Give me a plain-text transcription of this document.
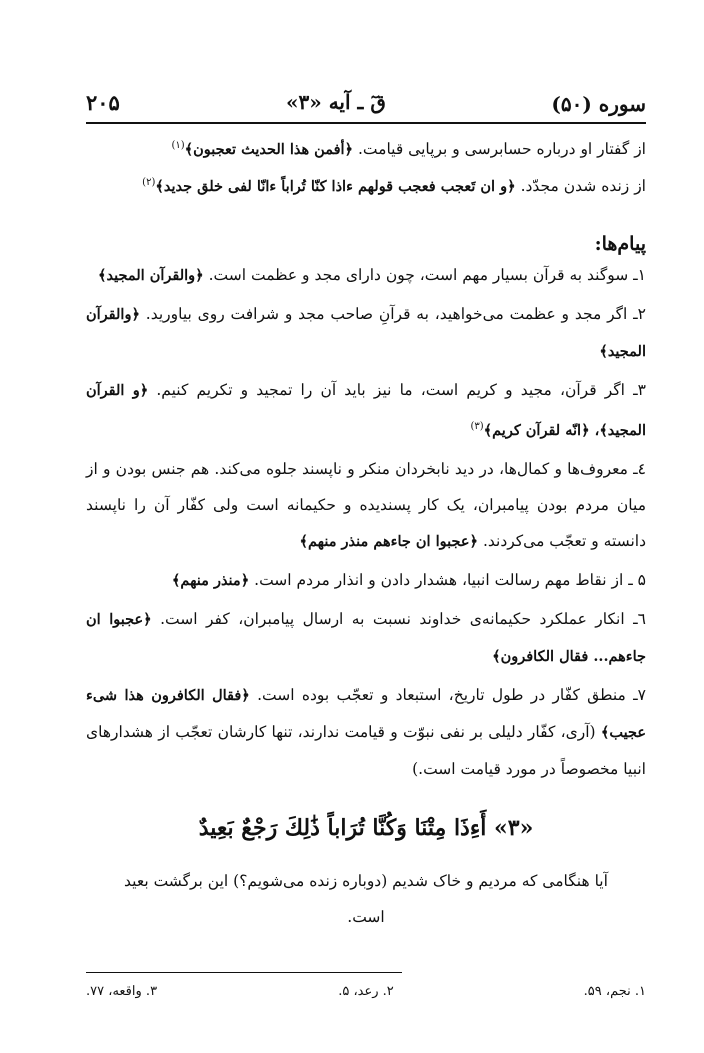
سوره (۵۰)
قٓ ـ آیه «۳»
۲۰۵

از گفتار او درباره حسابرسی و برپایی قیامت. ﴿أفمن هذا الحديث تعجبون﴾$^{(۱)}$

از زنده شدن مجدّد. ﴿و ان تَعجب فعجب قولهم ءاذا كنّا تُراباً ءانّا لفى خلق جديد﴾$^{(۲)}$

پیام‌ها:

۱ـ سوگند به قرآن بسیار مهم است، چون دارای مجد و عظمت است. ﴿والقرآن المجید﴾

۲ـ اگر مجد و عظمت می‌خواهید، به قرآنِ صاحب مجد و شرافت روی بیاورید. ﴿والقرآن المجید﴾

۳ـ اگر قرآن، مجید و کریم است، ما نیز باید آن را تمجید و تکریم کنیم. ﴿و القرآن المجید﴾، ﴿انّه لقرآن کریم﴾$^{(۳)}$

٤ـ معروف‌ها و کمال‌ها، در دید نابخردان منکر و ناپسند جلوه می‌کند. هم جنس بودن و از میان مردم بودن پیامبران، یک کار پسندیده و حکیمانه است ولی کفّار آن را ناپسند دانسته و تعجّب می‌کردند. ﴿عجبوا ان جاءهم منذر منهم﴾

۵ ـ از نقاط مهم رسالت انبیا، هشدار دادن و انذار مردم است. ﴿منذر منهم﴾

٦ـ انکار عملکرد حکیمانه‌ی خداوند نسبت به ارسال پیامبران، کفر است. ﴿عجبوا ان جاءهم... فقال الکافرون﴾

۷ـ منطق کفّار در طول تاریخ، استبعاد و تعجّب بوده است. ﴿فقال الکافرون هذا شیء عجیب﴾ (آری، کفّار دلیلی بر نفی نبوّت و قیامت ندارند، تنها کارشان تعجّب از هشدارهای انبیا مخصوصاً در مورد قیامت است.)

«۳» أَءِذَا مِتْنَا وَكُنَّا تُرَاباً ذَٰلِكَ رَجْعٌ بَعِيدٌ
آیا هنگامی که مردیم و خاک شدیم (دوباره زنده می‌شویم؟) این برگشت بعید است.
۱. نجم، ۵۹.
۲. رعد، ۵.
۳. واقعه، ۷۷.
